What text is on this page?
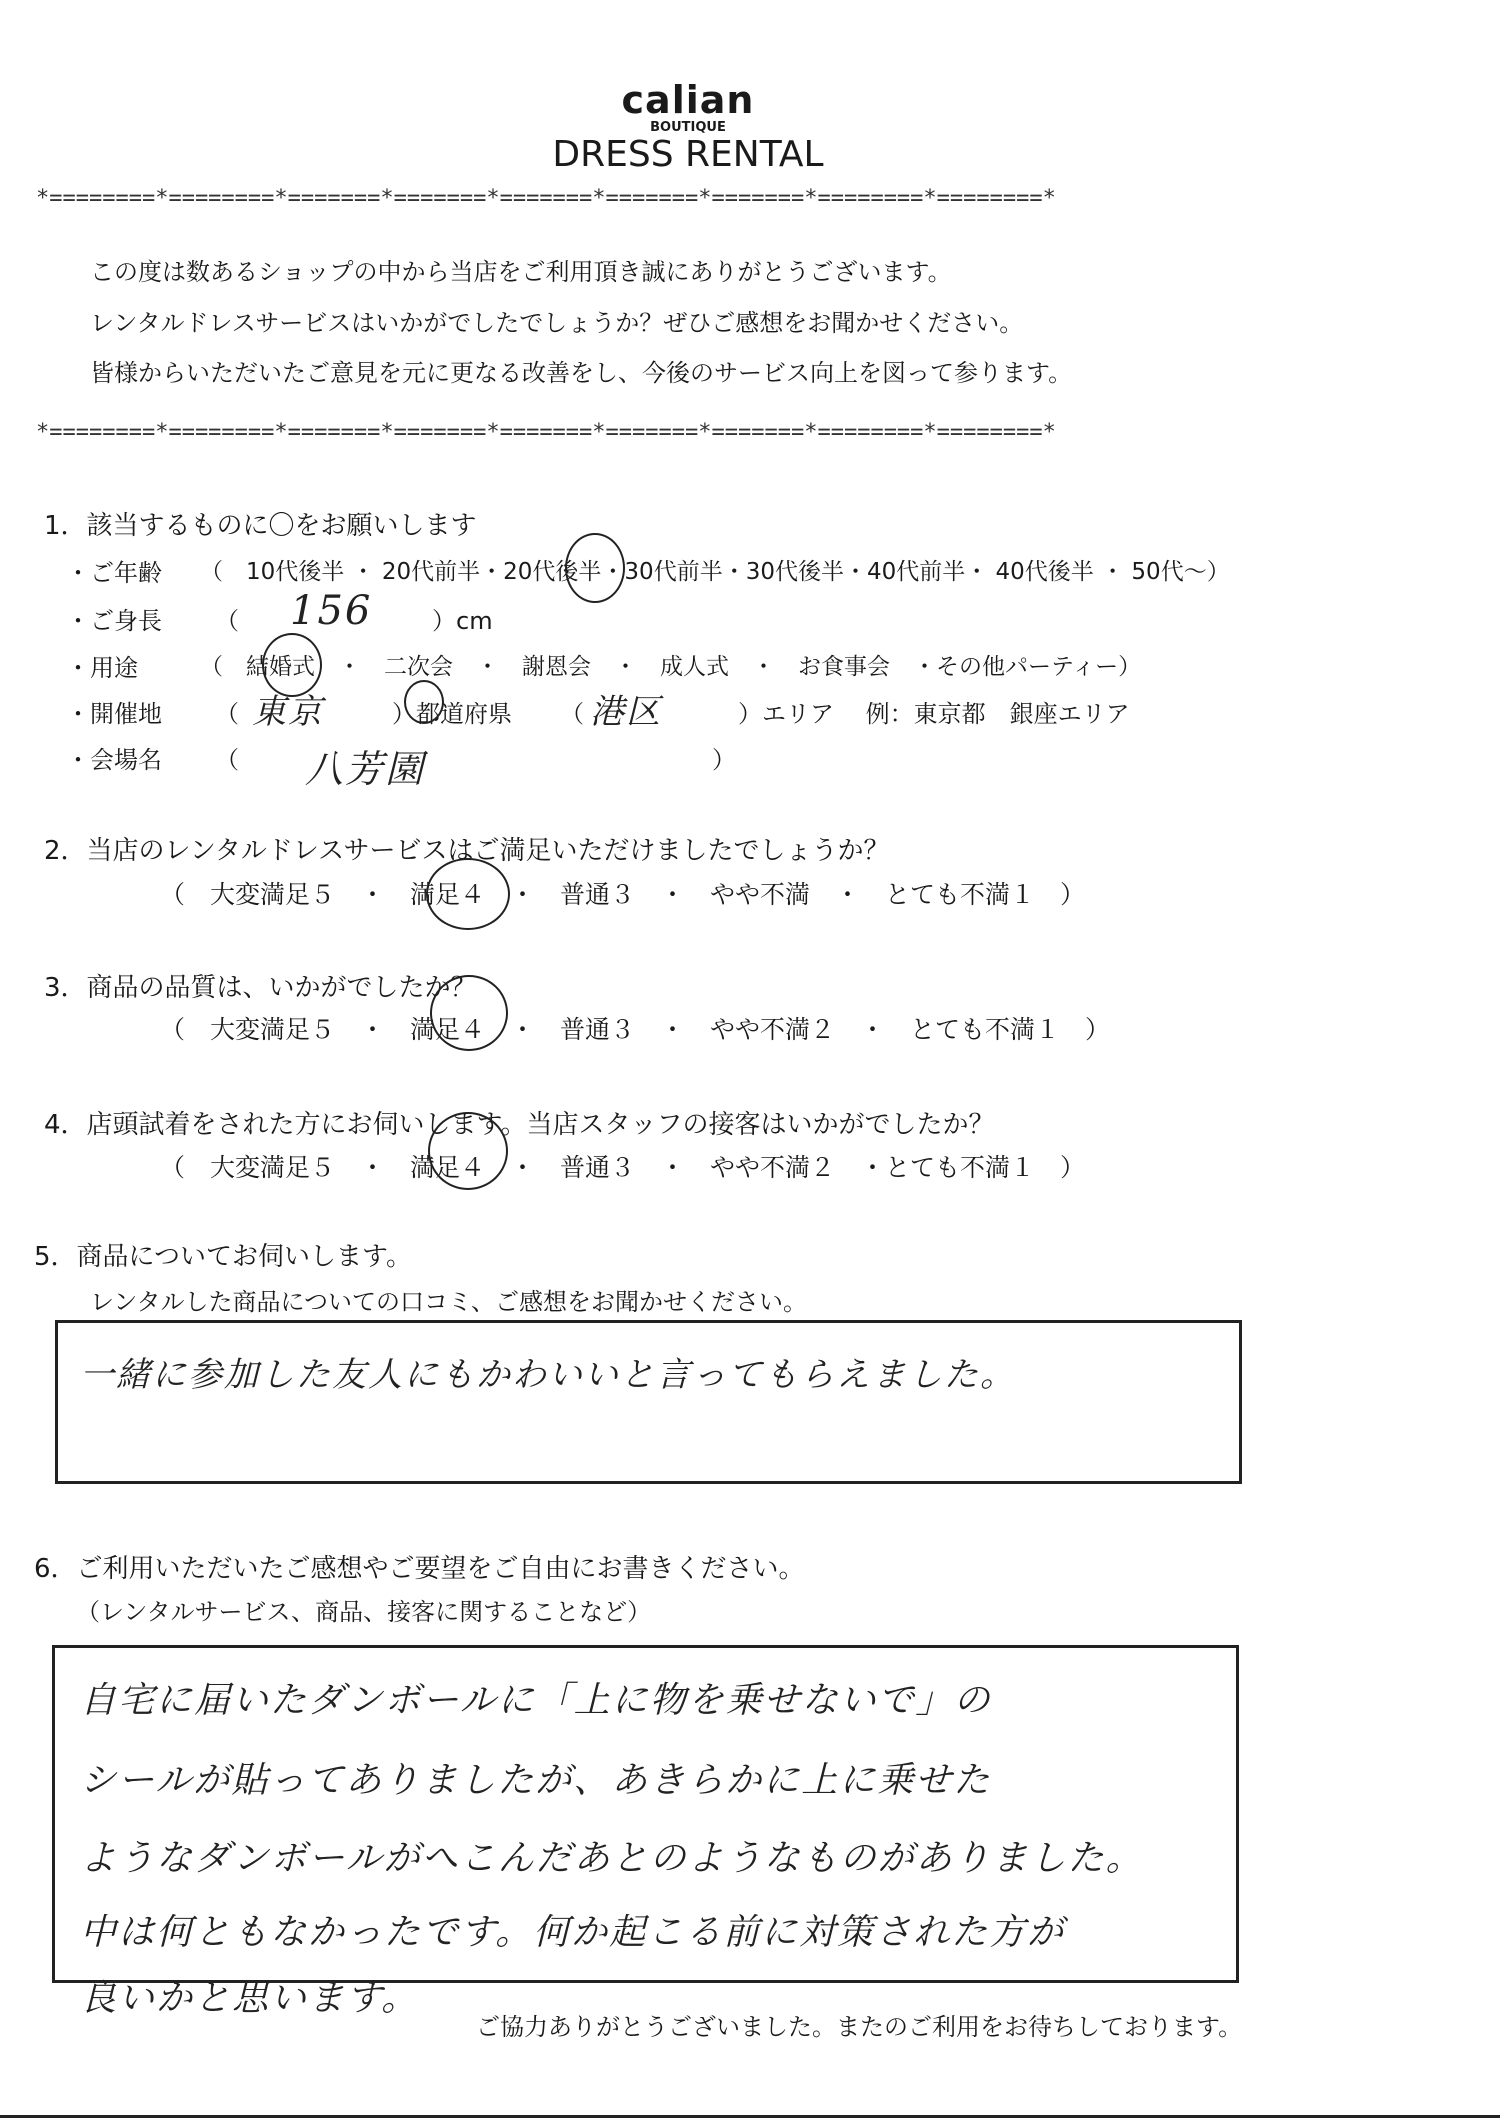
calian
BOUTIQUE
DRESS RENTAL
*========*========*=======*=======*=======*=======*=======*========*========*
この度は数あるショップの中から当店をご利用頂き誠にありがとうございます。
レンタルドレスサービスはいかがでしたでしょうか？ぜひご感想をお聞かせください。
皆様からいただいたご意見を元に更なる改善をし、今後のサービス向上を図って参ります。
*========*========*=======*=======*=======*=======*=======*========*========*
1．該当するものに〇をお願いします
・ご年齢 （　10代後半 ・ 20代前半・20代後半・30代前半・30代後半・40代前半・ 40代後半 ・ 50代～）
・ご身長 （ 156 ）cm
・用途	（　結婚式　・　二次会　・　謝恩会　・　成人式　・　お食事会　・その他パーティー）
・開催地 （ 東京	）都道府県 （ 港区	）エリア　 例：東京都　銀座エリア
・会場名 （ 八芳園	）
2．当店のレンタルドレスサービスはご満足いただけましたでしょうか？
（　大変満足５　・　満足４　・　普通３　・　やや不満　・　とても不満１　）
3．商品の品質は、いかがでしたか？
（　大変満足５　・　満足４　・　普通３　・　やや不満２　・　とても不満１　）
4．店頭試着をされた方にお伺いします。当店スタッフの接客はいかがでしたか？
（　大変満足５　・　満足４　・　普通３　・　やや不満２　・とても不満１　）
5．商品についてお伺いします。
レンタルした商品についての口コミ、ご感想をお聞かせください。
一緒に参加した友人にもかわいいと言ってもらえました。
6．ご利用いただいたご感想やご要望をご自由にお書きください。
（レンタルサービス、商品、接客に関することなど）
自宅に届いたダンボールに「上に物を乗せないで」の
シールが貼ってありましたが、あきらかに上に乗せた
ようなダンボールがへこんだあとのようなものがありました。
中は何ともなかったです。何か起こる前に対策された方が
良いかと思います。
ご協力ありがとうございました。またのご利用をお待ちしております。
